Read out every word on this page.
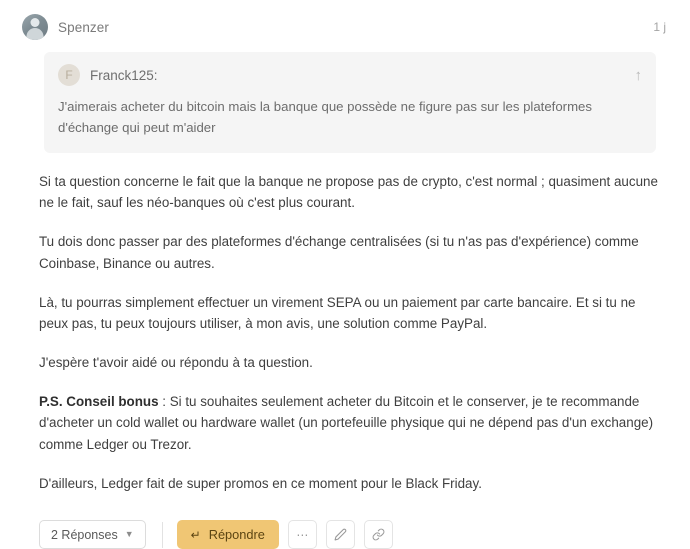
Spenzer	1 j
F	Franck125:	↑

J'aimerais acheter du bitcoin mais la banque que possède ne figure pas sur les plateformes d'échange qui peut m'aider

Si ta question concerne le fait que la banque ne propose pas de crypto, c'est normal ; quasiment aucune ne le fait, sauf les néo-banques où c'est plus courant.

Tu dois donc passer par des plateformes d'échange centralisées (si tu n'as pas d'expérience) comme Coinbase, Binance ou autres.

Là, tu pourras simplement effectuer un virement SEPA ou un paiement par carte bancaire. Et si tu ne peux pas, tu peux toujours utiliser, à mon avis, une solution comme PayPal.

J'espère t'avoir aidé ou répondu à ta question.

P.S. Conseil bonus : Si tu souhaites seulement acheter du Bitcoin et le conserver, je te recommande d'acheter un cold wallet ou hardware wallet (un portefeuille physique qui ne dépend pas d'un exchange) comme Ledger ou Trezor.

D'ailleurs, Ledger fait de super promos en ce moment pour le Black Friday.

2 Réponses ▼	↵ Répondre	⋯
